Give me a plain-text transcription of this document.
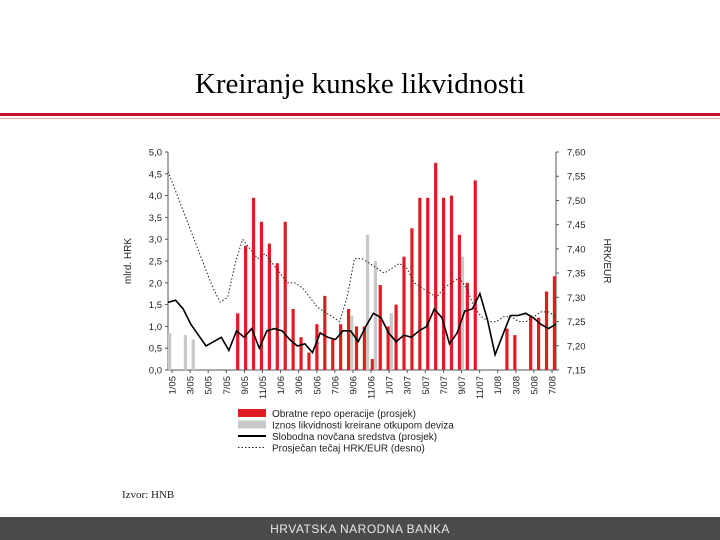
Kreiranje kunske likvidnosti
0,0
0,5
1,0
1,5
2,0
2,5
3,0
3,5
4,0
4,5
5,0
7,15
7,20
7,25
7,30
7,35
7,40
7,45
7,50
7,55
7,60
mlrd. HRK	HRK/EUR
1/05 3/05 5/05 7/05 9/05 11/05 1/06 3/06 5/06 7/06 9/06 11/06 1/07 3/07 5/07 7/07 9/07 11/07 1/08 3/08 5/08 7/08
Obratne repo operacije (prosjek)
Iznos likvidnosti kreirane otkupom deviza
Slobodna novčana sredstva (prosjek)
Prosječan tečaj HRK/EUR (desno)
Izvor: HNB
HRVATSKA NARODNA BANKA
